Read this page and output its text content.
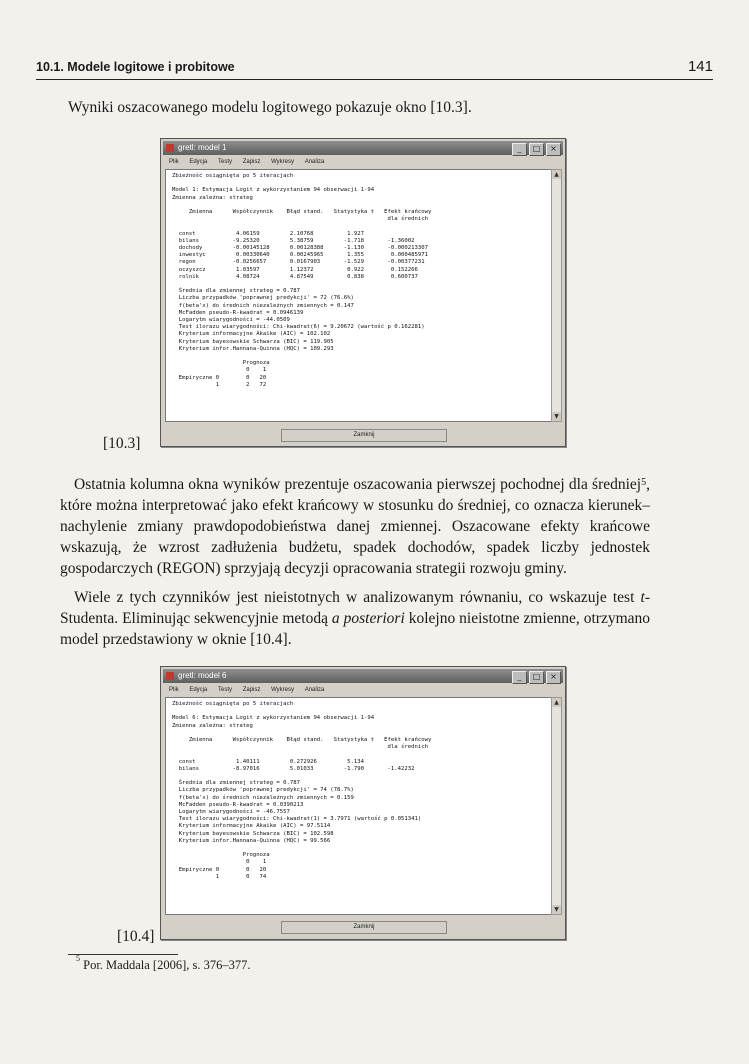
10.1. Modele logitowe i probitowe	141
Wyniki oszacowanego modelu logitowego pokazuje okno [10.3].
gretl: model 1	_ □ ×
Plik Edycja Testy Zapisz Wykresy Analiza
Zbieżność osiągnięta po 5 iteracjach

Model 1: Estymacja Logit z wykorzystaniem 94 obserwacji 1-94
Zmienna zależna: strateg

Zmienna      Współczynnik    Błąd stand.   Statystyka t   Efekt krańcowy
dla średnich

const            4.06159         2.10768          1.927
bilans          -9.25320         5.38759         -1.718       -1.36002
dochody         -0.00145128      0.00128388      -1.130       -0.000213307
inwestyc         0.00330640      0.00245965       1.355        0.000485971
regon           -0.0256657       0.0167903       -1.529       -0.00377231
oczyszcz         1.03597         1.12372          0.922        0.152266
rolnik           4.08724         4.87549          0.838        0.600737

Średnia dla zmiennej strateg = 0.787
Liczba przypadków 'poprawnej predykcji' = 72 (76.6%)
f(beta'x) do średnich niezależnych zmiennych = 0.147
McFadden pseudo-R-kwadrat = 0.0946139
Logarytm wiarygodności = -44.0509
Test ilorazu wiarygodności: Chi-kwadrat(6) = 9.20672 (wartość p 0.162281)
Kryterium informacyjne Akaike (AIC) = 102.102
Kryterium bayesowskie Schwarza (BIC) = 119.905
Kryterium infor.Hannana-Quinna (HQC) = 109.293

Prognoza
0    1
Empiryczne 0        0   20
1        2   72
▲
▼
Zamknij
[10.3]
Ostatnia kolumna okna wyników prezentuje oszacowania pierwszej pochodnej dla średniej$^5$, które można interpretować jako efekt krańcowy w stosunku do średniej, co oznacza kierunek–nachylenie zmiany prawdopodobieństwa danej zmiennej. Oszacowane efekty krańcowe wskazują, że wzrost zadłużenia budżetu, spadek dochodów, spadek liczby jednostek gospodarczych (REGON) sprzyjają decyzji opracowania strategii rozwoju gminy.
Wiele z tych czynników jest nieistotnych w analizowanym równaniu, co wskazuje test t-Studenta. Eliminując sekwencyjnie metodą a posteriori kolejno nieistotne zmienne, otrzymano model przedstawiony w oknie [10.4].
gretl: model 6	_ □ ×
Plik Edycja Testy Zapisz Wykresy Analiza
Zbieżność osiągnięta po 5 iteracjach

Model 6: Estymacja Logit z wykorzystaniem 94 obserwacji 1-94
Zmienna zależna: strateg

Zmienna      Współczynnik    Błąd stand.   Statystyka t   Efekt krańcowy
dla średnich

const            1.40111         0.272926         5.134
bilans          -8.97016         5.01033         -1.790       -1.42232

Średnia dla zmiennej strateg = 0.787
Liczba przypadków 'poprawnej predykcji' = 74 (78.7%)
f(beta'x) do średnich niezależnych zmiennych = 0.159
McFadden pseudo-R-kwadrat = 0.0390213
Logarytm wiarygodności = -46.7557
Test ilorazu wiarygodności: Chi-kwadrat(1) = 3.7971 (wartość p 0.051341)
Kryterium informacyjne Akaike (AIC) = 97.5114
Kryterium bayesowskie Schwarza (BIC) = 102.598
Kryterium infor.Hannana-Quinna (HQC) = 99.566

Prognoza
0    1
Empiryczne 0        0   20
1        0   74
▲
▼
Zamknij
[10.4]
$^5$ Por. Maddala [2006], s. 376–377.
